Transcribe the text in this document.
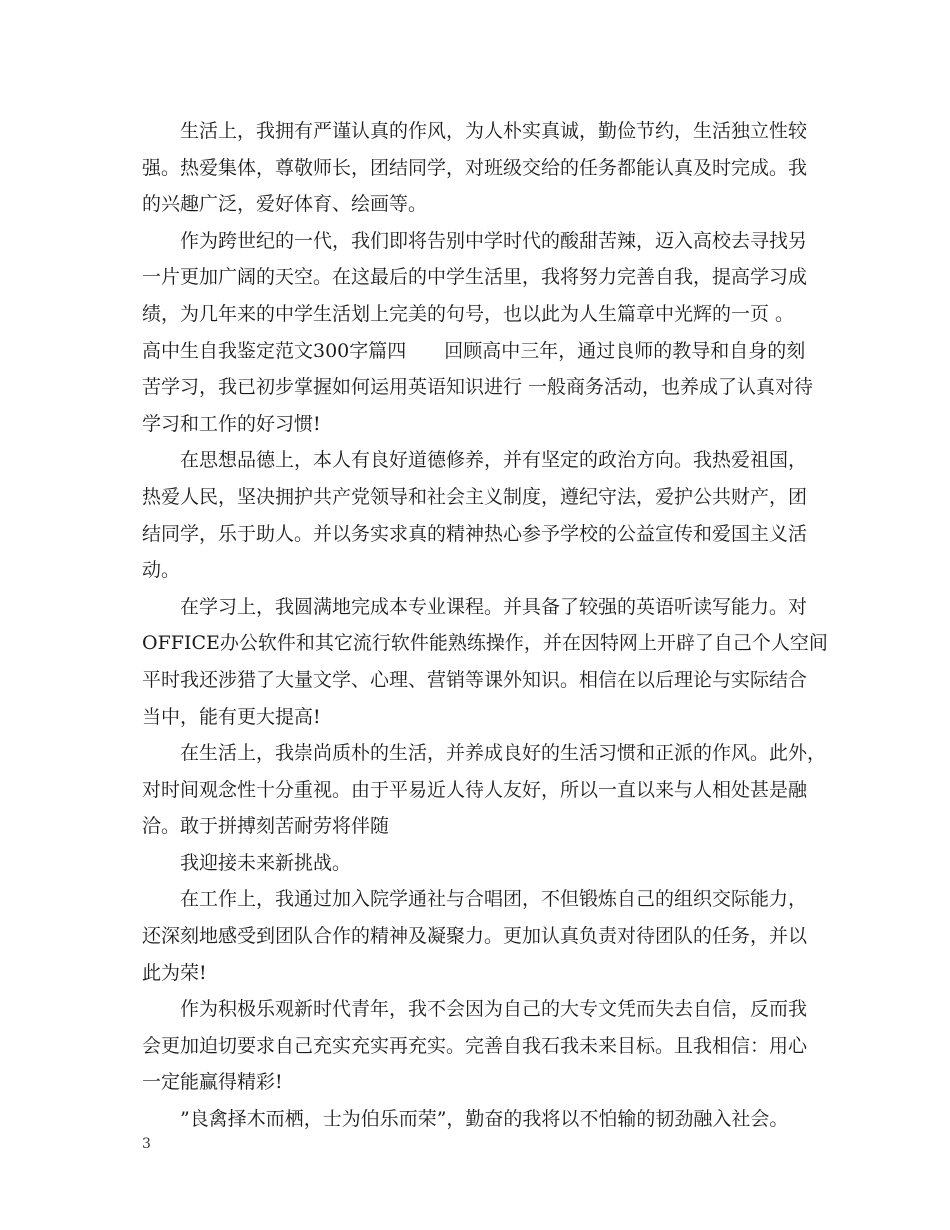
生活上，我拥有严谨认真的作风，为人朴实真诚，勤俭节约，生活独立性较
强。热爱集体，尊敬师长，团结同学，对班级交给的任务都能认真及时完成。我
的兴趣广泛，爱好体育、绘画等。
作为跨世纪的一代，我们即将告别中学时代的酸甜苦辣，迈入高校去寻找另
一片更加广阔的天空。在这最后的中学生活里，我将努力完善自我，提高学习成
绩，为几年来的中学生活划上完美的句号，也以此为人生篇章中光辉的一页 。
高中生自我鉴定范文300字篇四　　回顾高中三年，通过良师的教导和自身的刻
苦学习，我已初步掌握如何运用英语知识进行 一般商务活动，也养成了认真对待
学习和工作的好习惯!
在思想品德上，本人有良好道德修养，并有坚定的政治方向。我热爱祖国，
热爱人民，坚决拥护共产党领导和社会主义制度，遵纪守法，爱护公共财产，团
结同学，乐于助人。并以务实求真的精神热心参予学校的公益宣传和爱国主义活
动。
在学习上，我圆满地完成本专业课程。并具备了较强的英语听读写能力。对
OFFICE办公软件和其它流行软件能熟练操作，并在因特网上开辟了自己个人空间
平时我还涉猎了大量文学、心理、营销等课外知识。相信在以后理论与实际结合
当中，能有更大提高!
在生活上，我崇尚质朴的生活，并养成良好的生活习惯和正派的作风。此外，
对时间观念性十分重视。由于平易近人待人友好，所以一直以来与人相处甚是融
洽。敢于拼搏刻苦耐劳将伴随
我迎接未来新挑战。
在工作上，我通过加入院学通社与合唱团，不但锻炼自己的组织交际能力，
还深刻地感受到团队合作的精神及凝聚力。更加认真负责对待团队的任务，并以
此为荣!
作为积极乐观新时代青年，我不会因为自己的大专文凭而失去自信，反而我
会更加迫切要求自己充实充实再充实。完善自我石我未来目标。且我相信：用心
一定能赢得精彩!
”良禽择木而栖，士为伯乐而荣”，勤奋的我将以不怕输的韧劲融入社会。
3
